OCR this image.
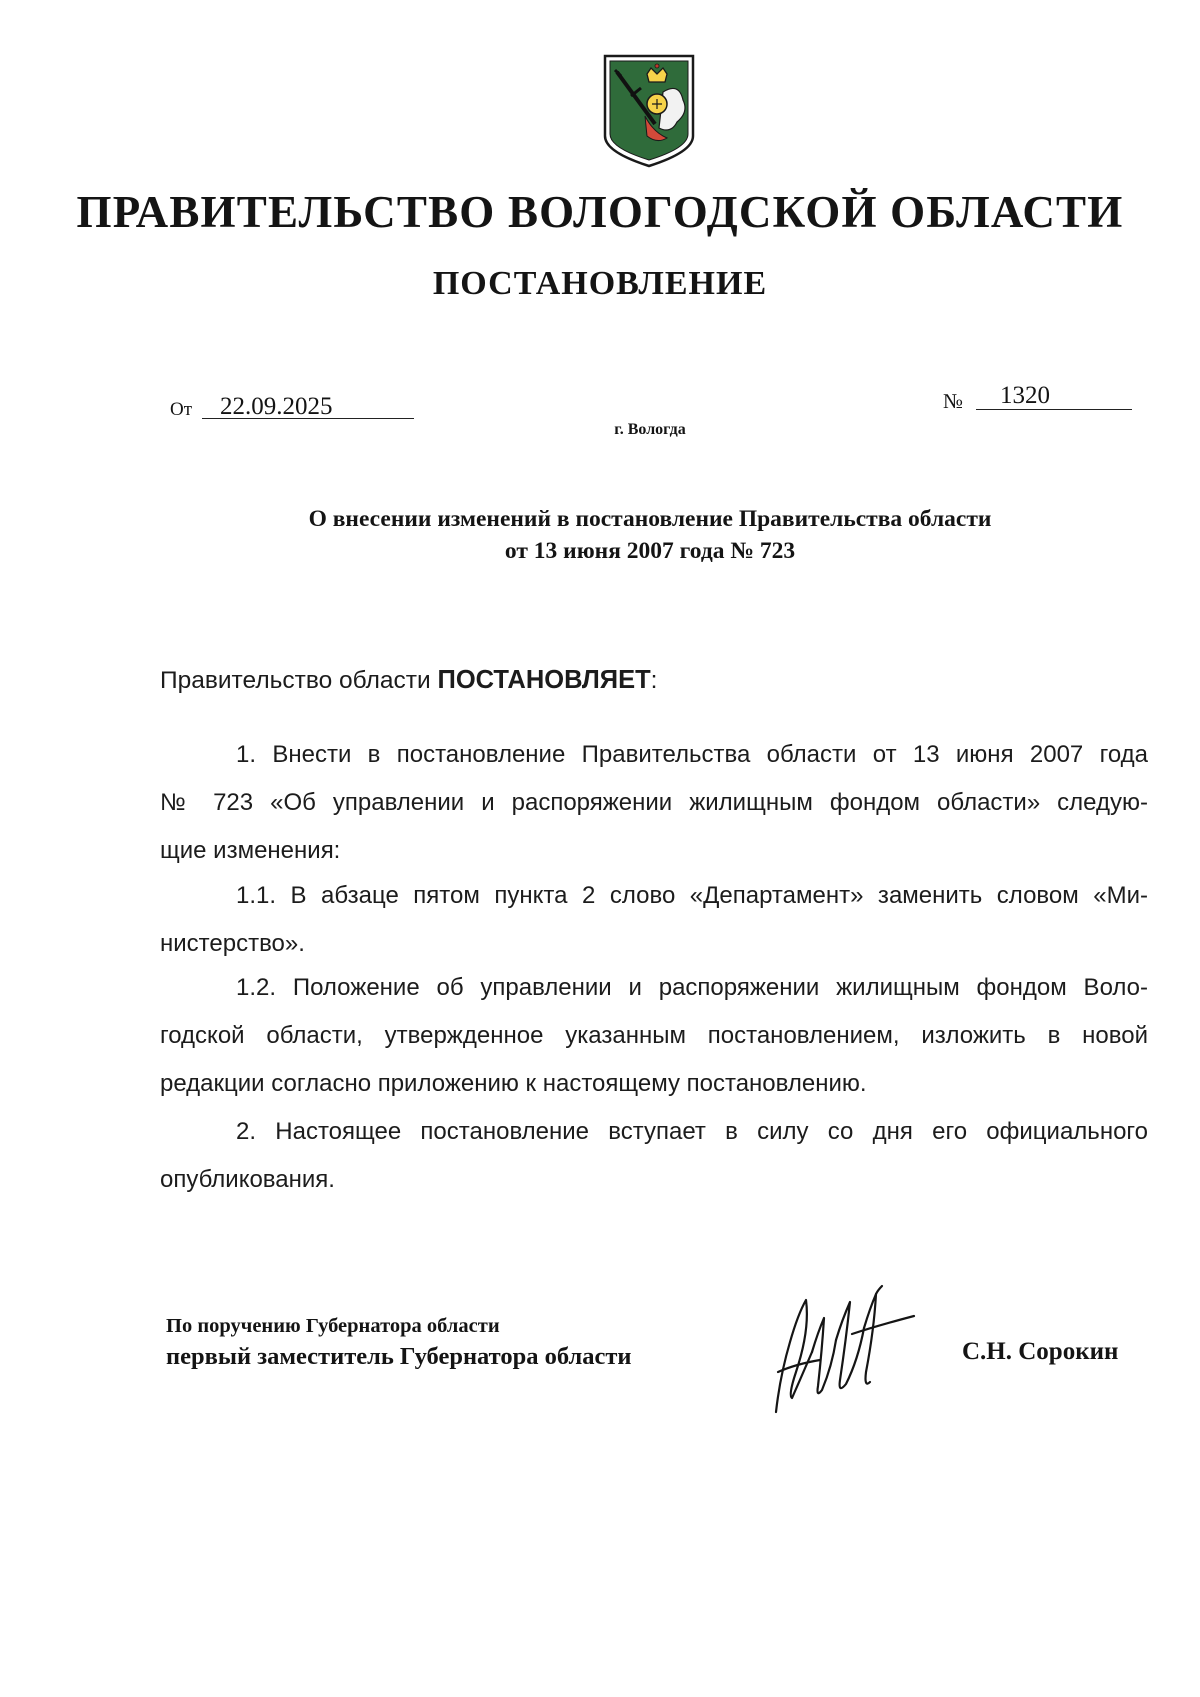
ПРАВИТЕЛЬСТВО ВОЛОГОДСКОЙ ОБЛАСТИ
ПОСТАНОВЛЕНИЕ
От 22.09.2025	№ 1320
г. Вологда
О внесении изменений в постановление Правительства области
от 13 июня 2007 года № 723
Правительство области ПОСТАНОВЛЯЕТ:
1. Внести в постановление Правительства области от 13 июня 2007 года
№ 723 «Об управлении и распоряжении жилищным фондом области» следую-
щие изменения:
1.1. В абзаце пятом пункта 2 слово «Департамент» заменить словом «Ми-
нистерство».
1.2. Положение об управлении и распоряжении жилищным фондом Воло-
годской области, утвержденное указанным постановлением, изложить в новой
редакции согласно приложению к настоящему постановлению.
2. Настоящее постановление вступает в силу со дня его официального
опубликования.
По поручению Губернатора области
первый заместитель Губернатора области	С.Н. Сорокин
